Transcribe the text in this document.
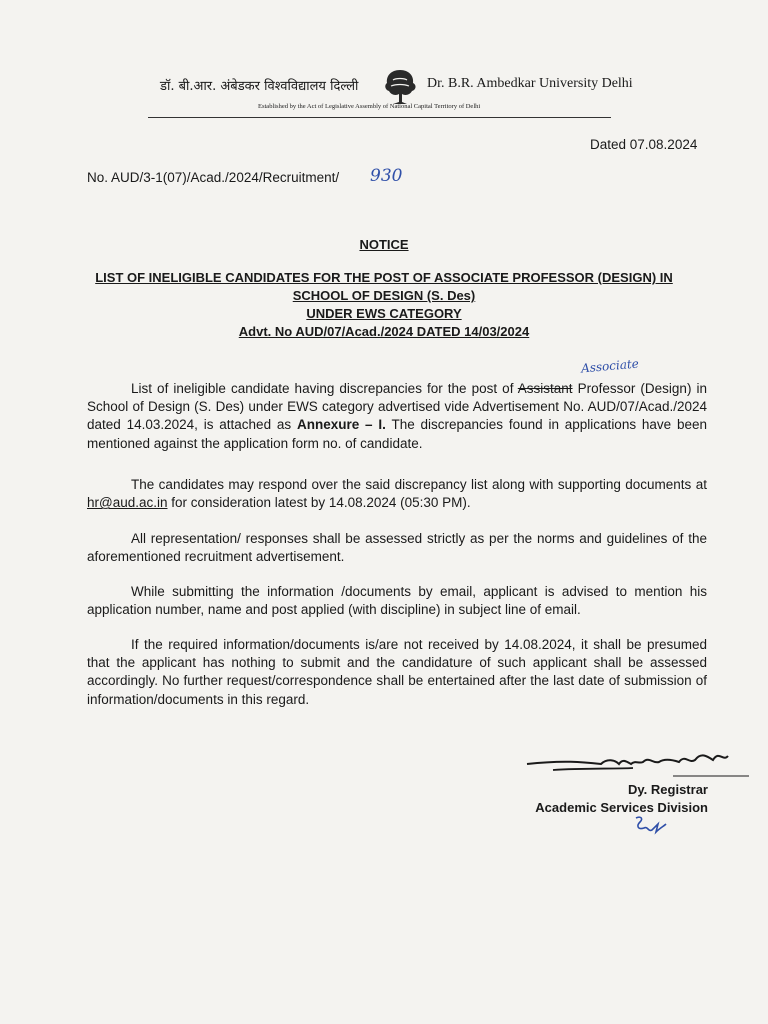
डॉ. बी.आर. अंबेडकर विश्वविद्यालय दिल्ली	Dr. B.R. Ambedkar University Delhi
Established by the Act of Legislative Assembly of National Capital Territory of Delhi
Dated 07.08.2024
No. AUD/3-1(07)/Acad./2024/Recruitment/ 930
NOTICE
LIST OF INELIGIBLE CANDIDATES FOR THE POST OF ASSOCIATE PROFESSOR (DESIGN) IN
SCHOOL OF DESIGN (S. Des)
UNDER EWS CATEGORY
Advt. No AUD/07/Acad./2024 DATED 14/03/2024
Associate

List of ineligible candidate having discrepancies for the post of Assistant Professor (Design) in School of Design (S. Des) under EWS category advertised vide Advertisement No. AUD/07/Acad./2024 dated 14.03.2024, is attached as Annexure – I. The discrepancies found in applications have been mentioned against the application form no. of candidate.

The candidates may respond over the said discrepancy list along with supporting documents at hr@aud.ac.in for consideration latest by 14.08.2024 (05:30 PM).

All representation/ responses shall be assessed strictly as per the norms and guidelines of the aforementioned recruitment advertisement.

While submitting the information /documents by email, applicant is advised to mention his application number, name and post applied (with discipline) in subject line of email.

If the required information/documents is/are not received by 14.08.2024, it shall be presumed that the applicant has nothing to submit and the candidature of such applicant shall be assessed accordingly. No further request/correspondence shall be entertained after the last date of submission of information/documents in this regard.

Dy. Registrar
Academic Services Division
